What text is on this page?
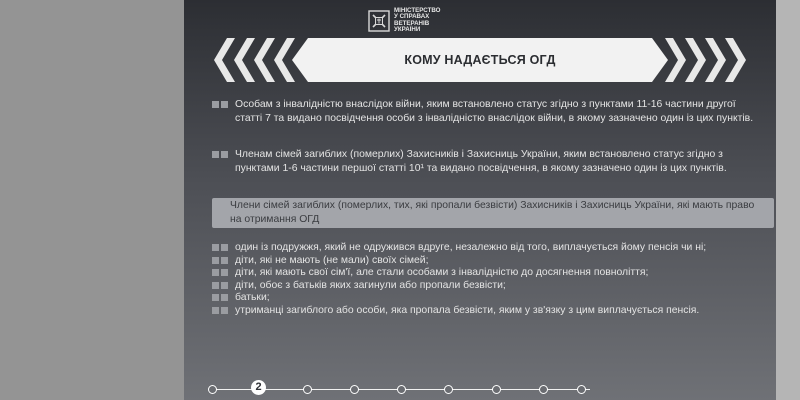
МІНІСТЕРСТВО
У СПРАВАХ
ВЕТЕРАНІВ
УКРАЇНИ
КОМУ НАДАЄТЬСЯ ОГД
Особам з інвалідністю внаслідок війни, яким встановлено статус згідно з пунктами 11-16 частини другої статті 7 та видано посвідчення особи з інвалідністю внаслідок війни, в якому зазначено один із цих пунктів.
Членам сімей загиблих (померлих) Захисників і Захисниць України, яким встановлено статус згідно з пунктами 1-6 частини першої статті 10¹ та видано посвідчення, в якому зазначено один із цих пунктів.
Члени сімей загиблих (померлих, тих, які пропали безвісти) Захисників і Захисниць України, які мають право на отримання ОГД
один із подружжя, який не одружився вдруге, незалежно від того, виплачується йому пенсія чи ні;
діти, які не мають (не мали) своїх сімей;
діти, які мають свої сім'ї, але стали особами з інвалідністю до досягнення повноліття;
діти, обоє з батьків яких загинули або пропали безвісти;
батьки;
утриманці загиблого або особи, яка пропала безвісти, яким у зв'язку з цим виплачується пенсія.
2
